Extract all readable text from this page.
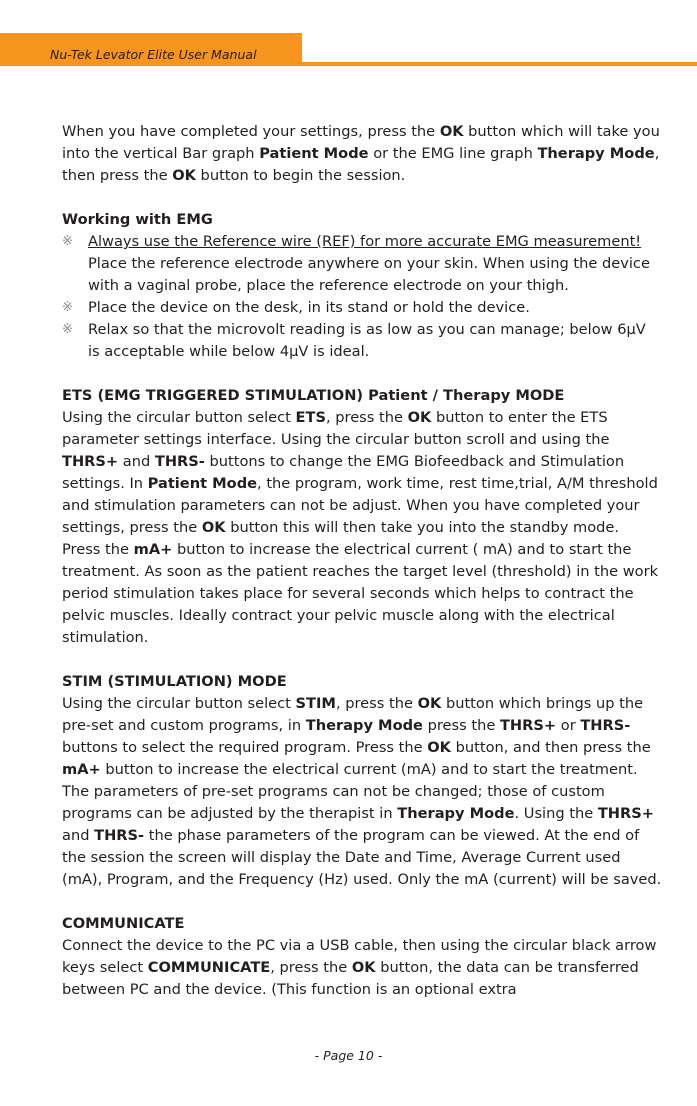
Nu-Tek Levator Elite User Manual

When you have completed your settings, press the OK button which will take you into the vertical Bar graph Patient Mode or the EMG line graph Therapy Mode, then press the OK button to begin the session.

Working with EMG

※	Always use the Reference wire (REF) for more accurate EMG measurement! Place the reference electrode anywhere on your skin. When using the device with a vaginal probe, place the reference electrode on your thigh.
※	Place the device on the desk, in its stand or hold the device.
※	Relax so that the microvolt reading is as low as you can manage; below 6µV is acceptable while below 4µV is ideal.

ETS (EMG TRIGGERED STIMULATION) Patient / Therapy MODE

Using the circular button select ETS, press the OK button to enter the ETS parameter settings interface. Using the circular button scroll and using the THRS+ and THRS- buttons to change the EMG Biofeedback and Stimulation settings. In Patient Mode, the program, work time, rest time,trial, A/M threshold and stimulation parameters can not be adjust. When you have completed your settings, press the OK button this will then take you into the standby mode. Press the mA+ button to increase the electrical current ( mA) and to start the treatment. As soon as the patient reaches the target level (threshold) in the work period stimulation takes place for several seconds which helps to contract the pelvic muscles. Ideally contract your pelvic muscle along with the electrical stimulation.

STIM (STIMULATION) MODE

Using the circular button select STIM, press the OK button which brings up the pre-set and custom programs, in Therapy Mode press the THRS+ or THRS- buttons to select the required program. Press the OK button, and then press the mA+ button to increase the electrical current (mA) and to start the treatment. The parameters of pre-set programs can not be changed; those of custom programs can be adjusted by the therapist in Therapy Mode. Using the THRS+ and THRS- the phase parameters of the program can be viewed. At the end of the session the screen will display the Date and Time, Average Current used (mA), Program, and the Frequency (Hz) used. Only the mA (current) will be saved.

COMMUNICATE

Connect the device to the PC via a USB cable, then using the circular black arrow keys select COMMUNICATE, press the OK button, the data can be transferred between PC and the device. (This function is an optional extra

- Page 10 -
